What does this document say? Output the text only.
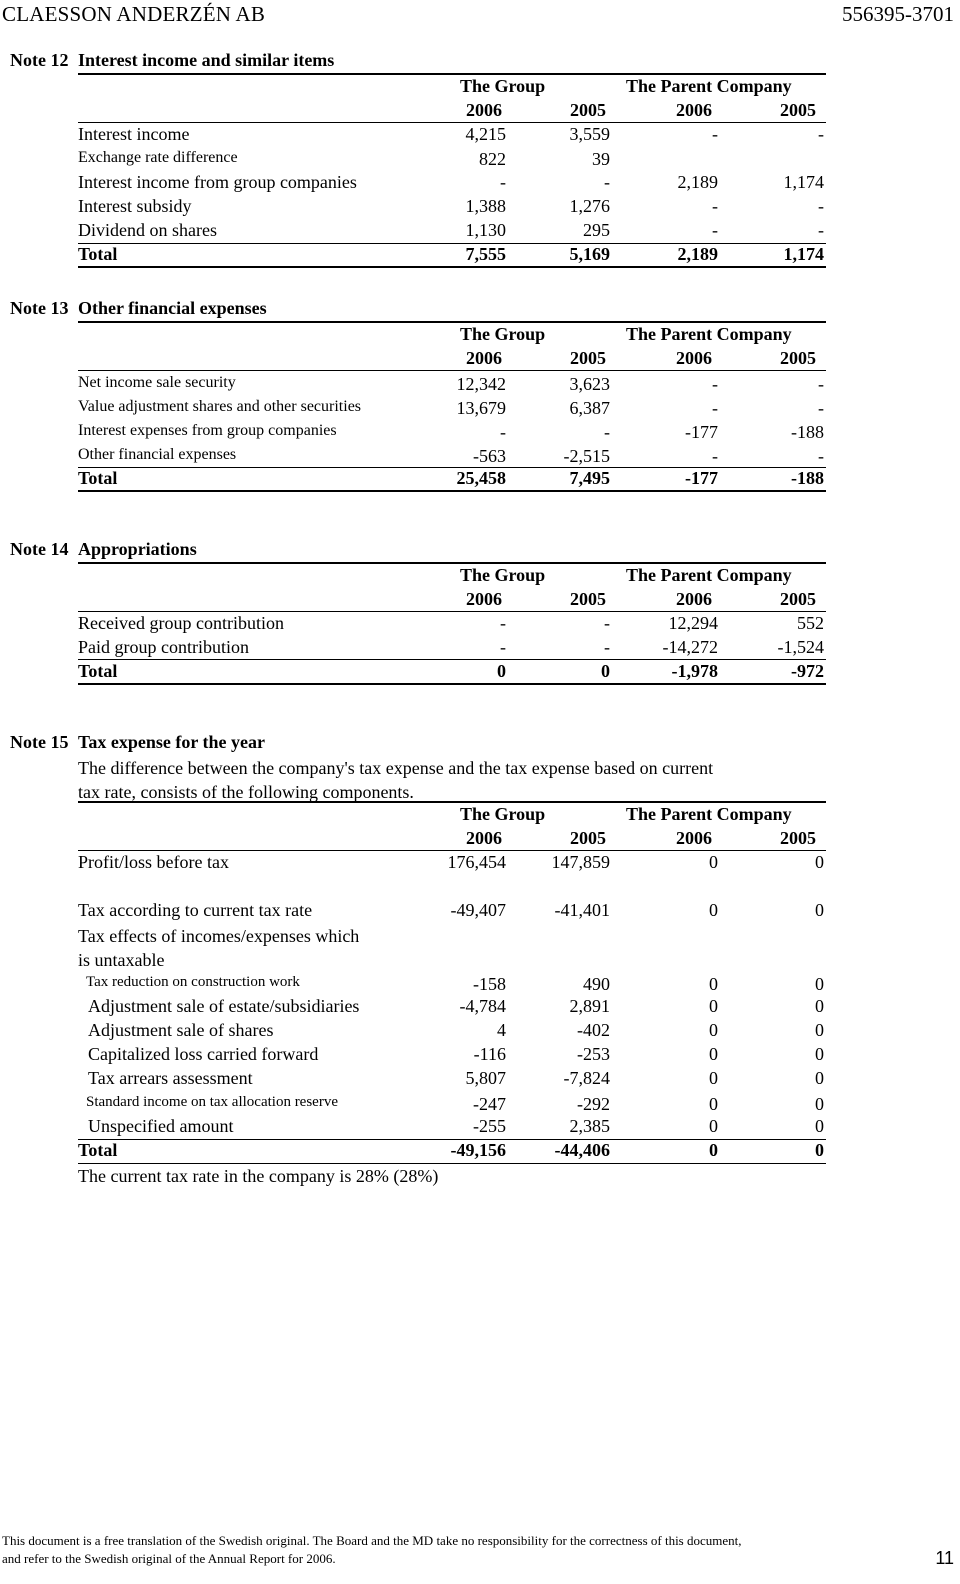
CLAESSON ANDERZÉN AB	556395-3701
Note 12 Interest income and similar items
The Group	The Parent Company
2006	2005	2006	2005
Interest income	4,215	3,559	-	-
Exchange rate difference	822	39
Interest income from group companies	-	-	2,189	1,174
Interest subsidy	1,388	1,276	-	-
Dividend on shares	1,130	295	-	-
Total	7,555	5,169	2,189	1,174
Note 13 Other financial expenses
The Group	The Parent Company
2006	2005	2006	2005
Net income sale security	12,342	3,623	-	-
Value adjustment shares and other securities	13,679	6,387	-	-
Interest expenses from group companies	-	-	-177	-188
Other financial expenses	-563	-2,515	-	-
Total	25,458	7,495	-177	-188
Note 14 Appropriations
The Group	The Parent Company
2006	2005	2006	2005
Received group contribution	-	-	12,294	552
Paid group contribution	-	-	-14,272	-1,524
Total	0	0	-1,978	-972
Note 15 Tax expense for the year
The difference between the company's tax expense and the tax expense based on current
tax rate, consists of the following components.
The Group	The Parent Company
2006	2005	2006	2005
Profit/loss before tax	176,454	147,859	0	0
Tax according to current tax rate	-49,407	-41,401	0	0
Tax effects of incomes/expenses which
is untaxable
Tax reduction on construction work	-158	490	0	0
Adjustment sale of estate/subsidiaries	-4,784	2,891	0	0
Adjustment sale of shares	4	-402	0	0
Capitalized loss carried forward	-116	-253	0	0
Tax arrears assessment	5,807	-7,824	0	0
Standard income on tax allocation reserve	-247	-292	0	0
Unspecified amount	-255	2,385	0	0
Total	-49,156	-44,406	0	0
The current tax rate in the company is 28% (28%)
This document is a free translation of the Swedish original. The Board and the MD take no responsibility for the correctness of this document,
and refer to the Swedish original of the Annual Report for 2006.	11
